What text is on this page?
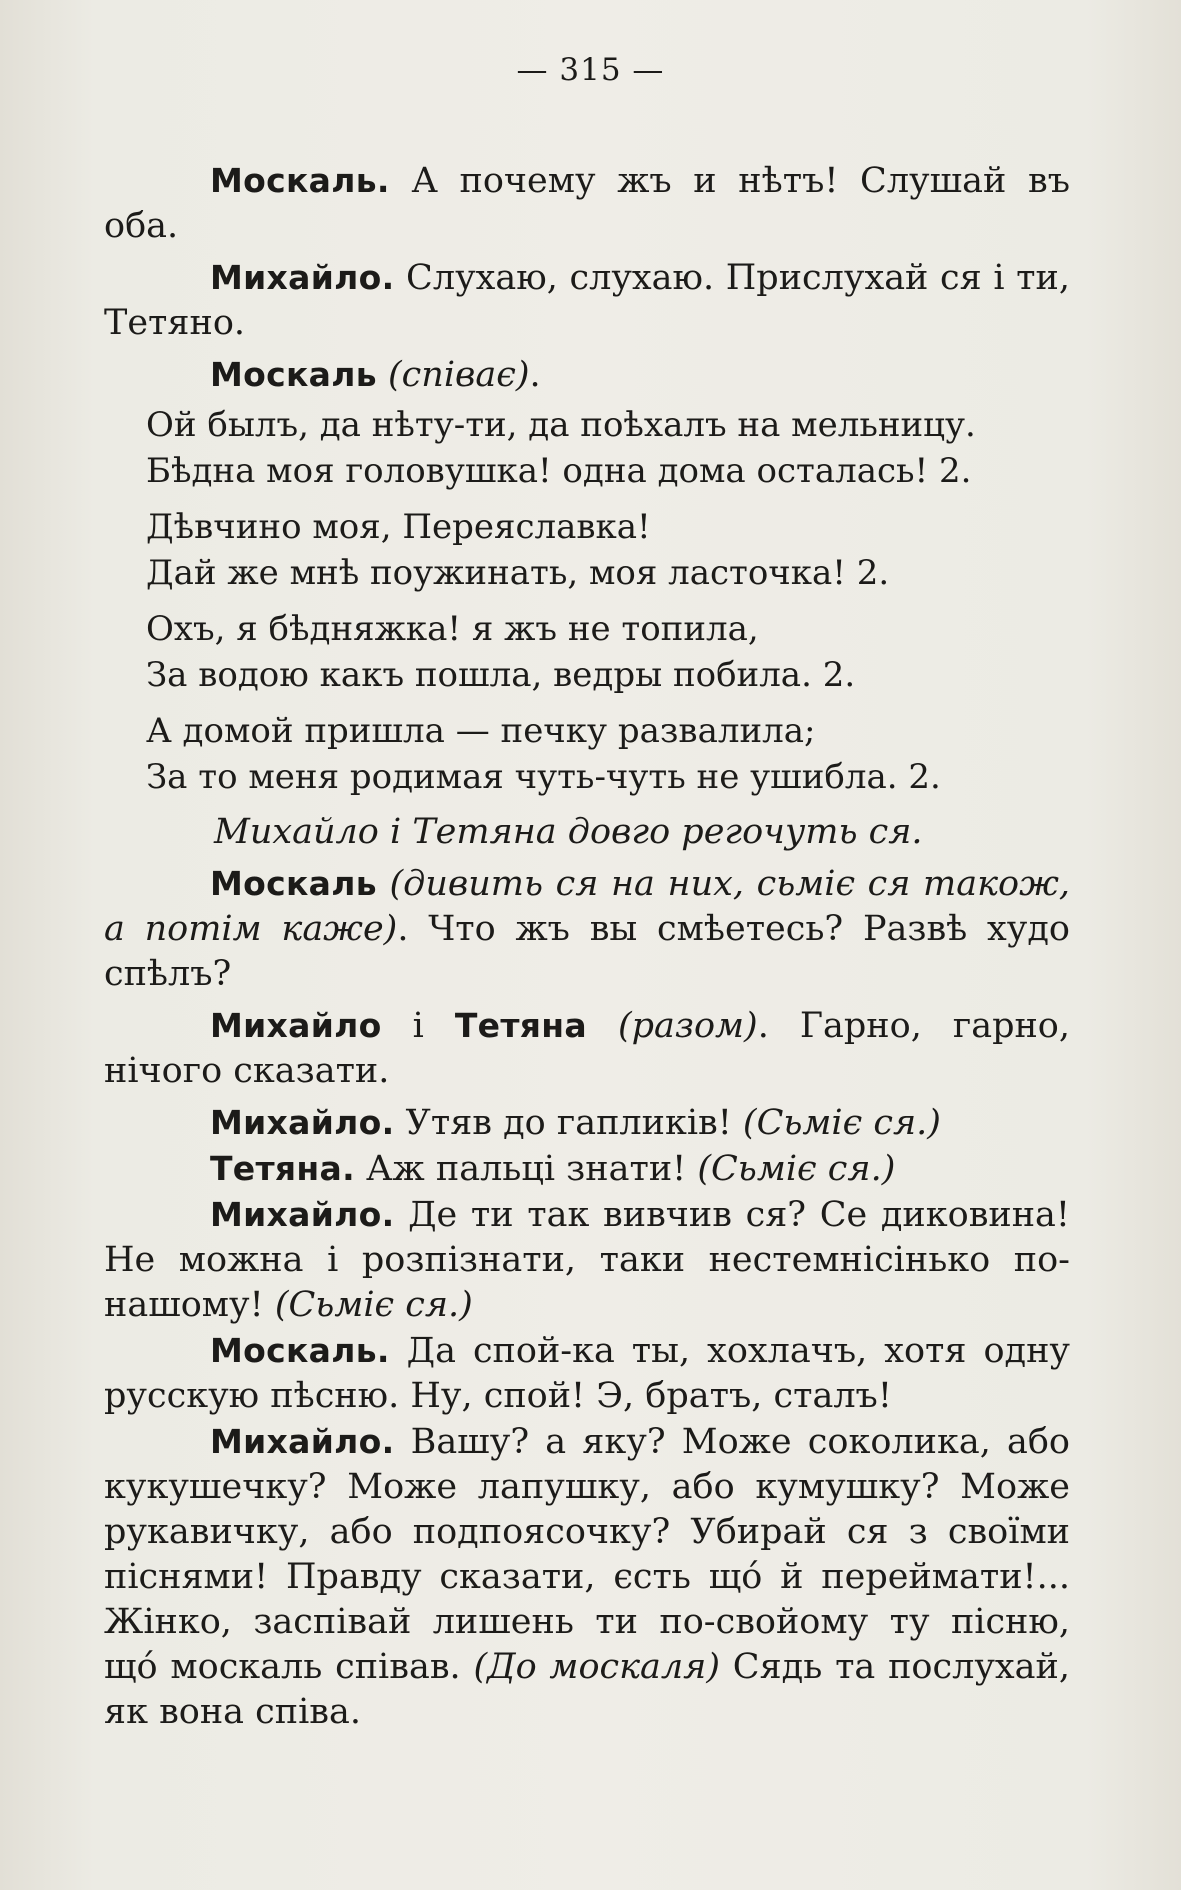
— 315 —

Москаль. А почему жъ и нѣтъ! Слушай въ оба.

Михайло. Слухаю, слухаю. Прислухай ся і ти, Тетяно.

Москаль (співає).

Ой былъ, да нѣту-ти, да поѣхалъ на мельницу.
Бѣдна моя головушка! одна дома осталась! 2.
Дѣвчино моя, Переяславка!
Дай же мнѣ поужинать, моя ласточка! 2.
Охъ, я бѣдняжка! я жъ не топила,
За водою какъ пошла, ведры побила. 2.
А домой пришла — печку развалила;
За то меня родимая чуть-чуть не ушибла. 2.
Михайло і Тетяна довго регочуть ся.

Москаль (дивить ся на них, сьміє ся також, а потім каже). Что жъ вы смѣетесь? Развѣ худо спѣлъ?

Михайло і Тетяна (разом). Гарно, гарно, нічого сказати.

Михайло. Утяв до гапликів! (Сьміє ся.)

Тетяна. Аж пальці знати! (Сьміє ся.)

Михайло. Де ти так вивчив ся? Се диковина! Не можна і розпізнати, таки нестемнісінько по-нашому! (Сьміє ся.)

Москаль. Да спой-ка ты, хохлачъ, хотя одну русскую пѣсню. Ну, спой! Э, братъ, сталъ!

Михайло. Вашу? а яку? Може соколика, або кукушечку? Може лапушку, або кумушку? Може рукавичку, або подпоясочку? Убирай ся з своїми піснями! Правду сказати, єсть щó й переймати!... Жінко, заспівай лишень ти по-свойому ту пісню, щó москаль співав. (До москаля) Сядь та послухай, як вона співа.
